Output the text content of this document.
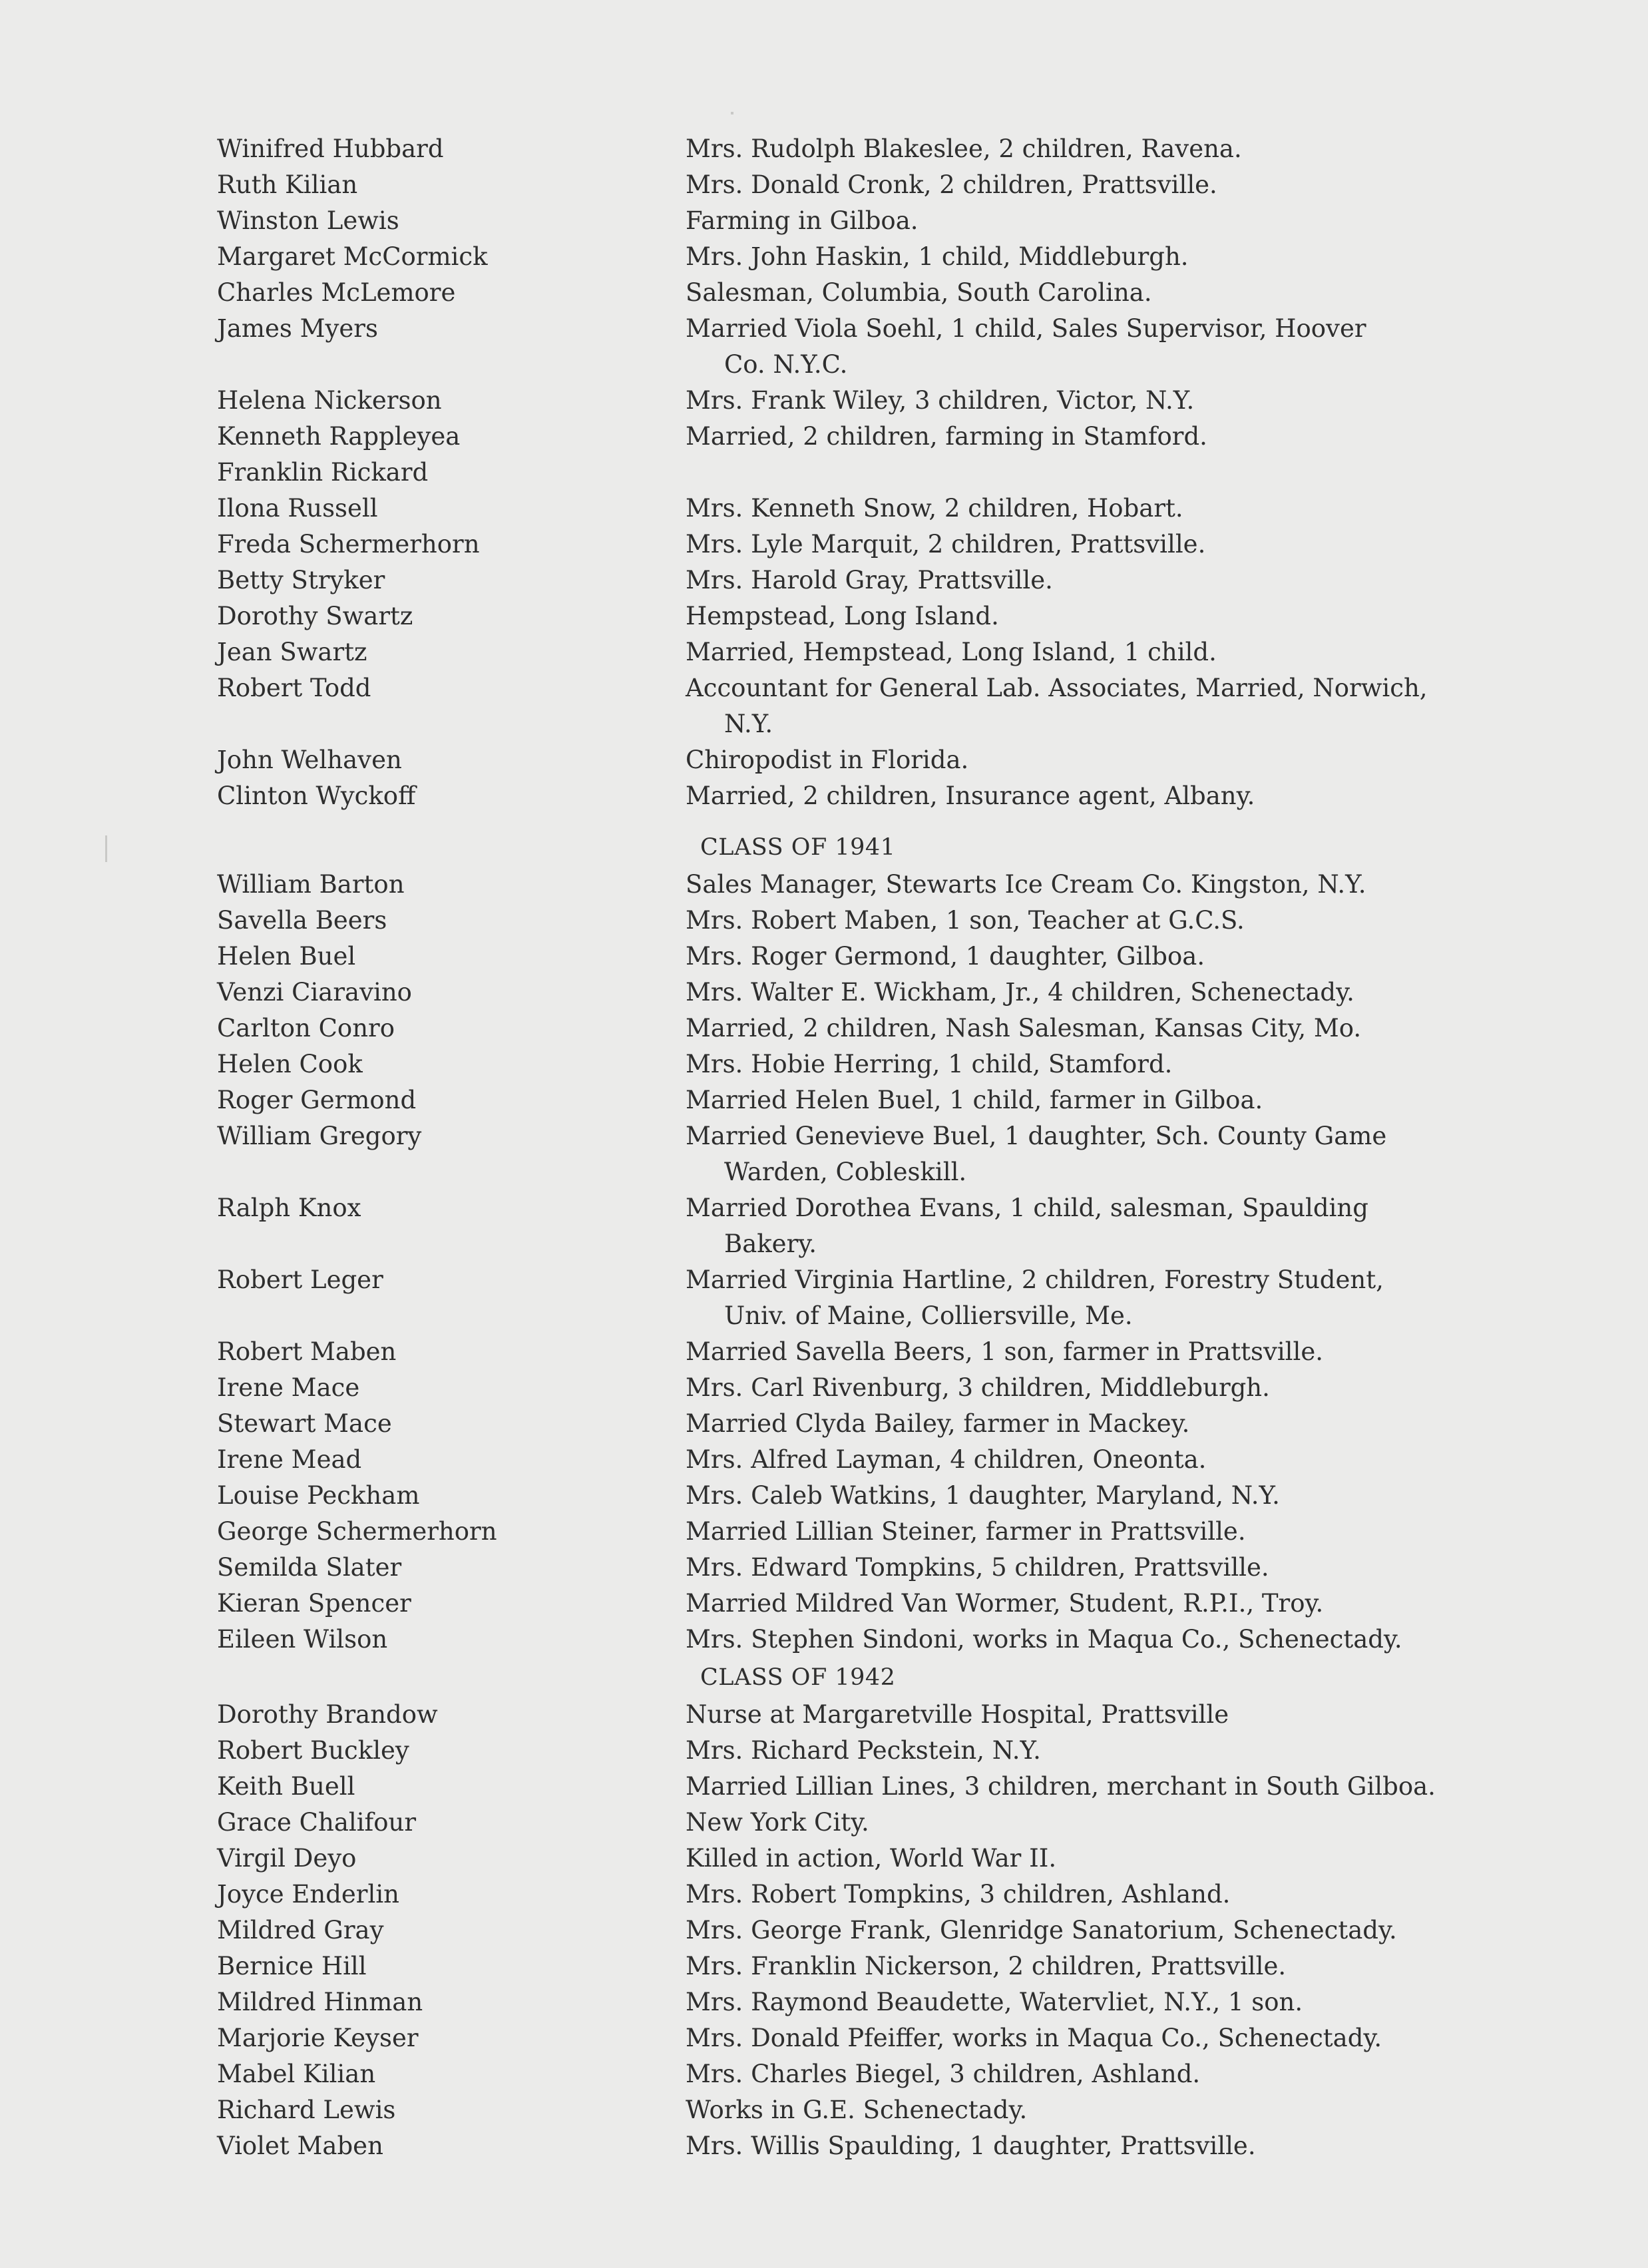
Winifred Hubbard	Mrs. Rudolph Blakeslee, 2 children, Ravena.
Ruth Kilian	Mrs. Donald Cronk, 2 children, Prattsville.
Winston Lewis	Farming in Gilboa.
Margaret McCormick	Mrs. John Haskin, 1 child, Middleburgh.
Charles McLemore	Salesman, Columbia, South Carolina.
James Myers	Married Viola Soehl, 1 child, Sales Supervisor, Hoover
Co. N.Y.C.
Helena Nickerson	Mrs. Frank Wiley, 3 children, Victor, N.Y.
Kenneth Rappleyea	Married, 2 children, farming in Stamford.
Franklin Rickard
Ilona Russell	Mrs. Kenneth Snow, 2 children, Hobart.
Freda Schermerhorn	Mrs. Lyle Marquit, 2 children, Prattsville.
Betty Stryker	Mrs. Harold Gray, Prattsville.
Dorothy Swartz	Hempstead, Long Island.
Jean Swartz	Married, Hempstead, Long Island, 1 child.
Robert Todd	Accountant for General Lab. Associates, Married, Norwich,
N.Y.
John Welhaven	Chiropodist in Florida.
Clinton Wyckoff	Married, 2 children, Insurance agent, Albany.
CLASS OF 1941
William Barton	Sales Manager, Stewarts Ice Cream Co. Kingston, N.Y.
Savella Beers	Mrs. Robert Maben, 1 son, Teacher at G.C.S.
Helen Buel	Mrs. Roger Germond, 1 daughter, Gilboa.
Venzi Ciaravino	Mrs. Walter E. Wickham, Jr., 4 children, Schenectady.
Carlton Conro	Married, 2 children, Nash Salesman, Kansas City, Mo.
Helen Cook	Mrs. Hobie Herring, 1 child, Stamford.
Roger Germond	Married Helen Buel, 1 child, farmer in Gilboa.
William Gregory	Married Genevieve Buel, 1 daughter, Sch. County Game
Warden, Cobleskill.
Ralph Knox	Married Dorothea Evans, 1 child, salesman, Spaulding
Bakery.
Robert Leger	Married Virginia Hartline, 2 children, Forestry Student,
Univ. of Maine, Colliersville, Me.
Robert Maben	Married Savella Beers, 1 son, farmer in Prattsville.
Irene Mace	Mrs. Carl Rivenburg, 3 children, Middleburgh.
Stewart Mace	Married Clyda Bailey, farmer in Mackey.
Irene Mead	Mrs. Alfred Layman, 4 children, Oneonta.
Louise Peckham	Mrs. Caleb Watkins, 1 daughter, Maryland, N.Y.
George Schermerhorn	Married Lillian Steiner, farmer in Prattsville.
Semilda Slater	Mrs. Edward Tompkins, 5 children, Prattsville.
Kieran Spencer	Married Mildred Van Wormer, Student, R.P.I., Troy.
Eileen Wilson	Mrs. Stephen Sindoni, works in Maqua Co., Schenectady.
CLASS OF 1942
Dorothy Brandow	Nurse at Margaretville Hospital, Prattsville
Robert Buckley	Mrs. Richard Peckstein, N.Y.
Keith Buell	Married Lillian Lines, 3 children, merchant in South Gilboa.
Grace Chalifour	New York City.
Virgil Deyo	Killed in action, World War II.
Joyce Enderlin	Mrs. Robert Tompkins, 3 children, Ashland.
Mildred Gray	Mrs. George Frank, Glenridge Sanatorium, Schenectady.
Bernice Hill	Mrs. Franklin Nickerson, 2 children, Prattsville.
Mildred Hinman	Mrs. Raymond Beaudette, Watervliet, N.Y., 1 son.
Marjorie Keyser	Mrs. Donald Pfeiffer, works in Maqua Co., Schenectady.
Mabel Kilian	Mrs. Charles Biegel, 3 children, Ashland.
Richard Lewis	Works in G.E. Schenectady.
Violet Maben	Mrs. Willis Spaulding, 1 daughter, Prattsville.
